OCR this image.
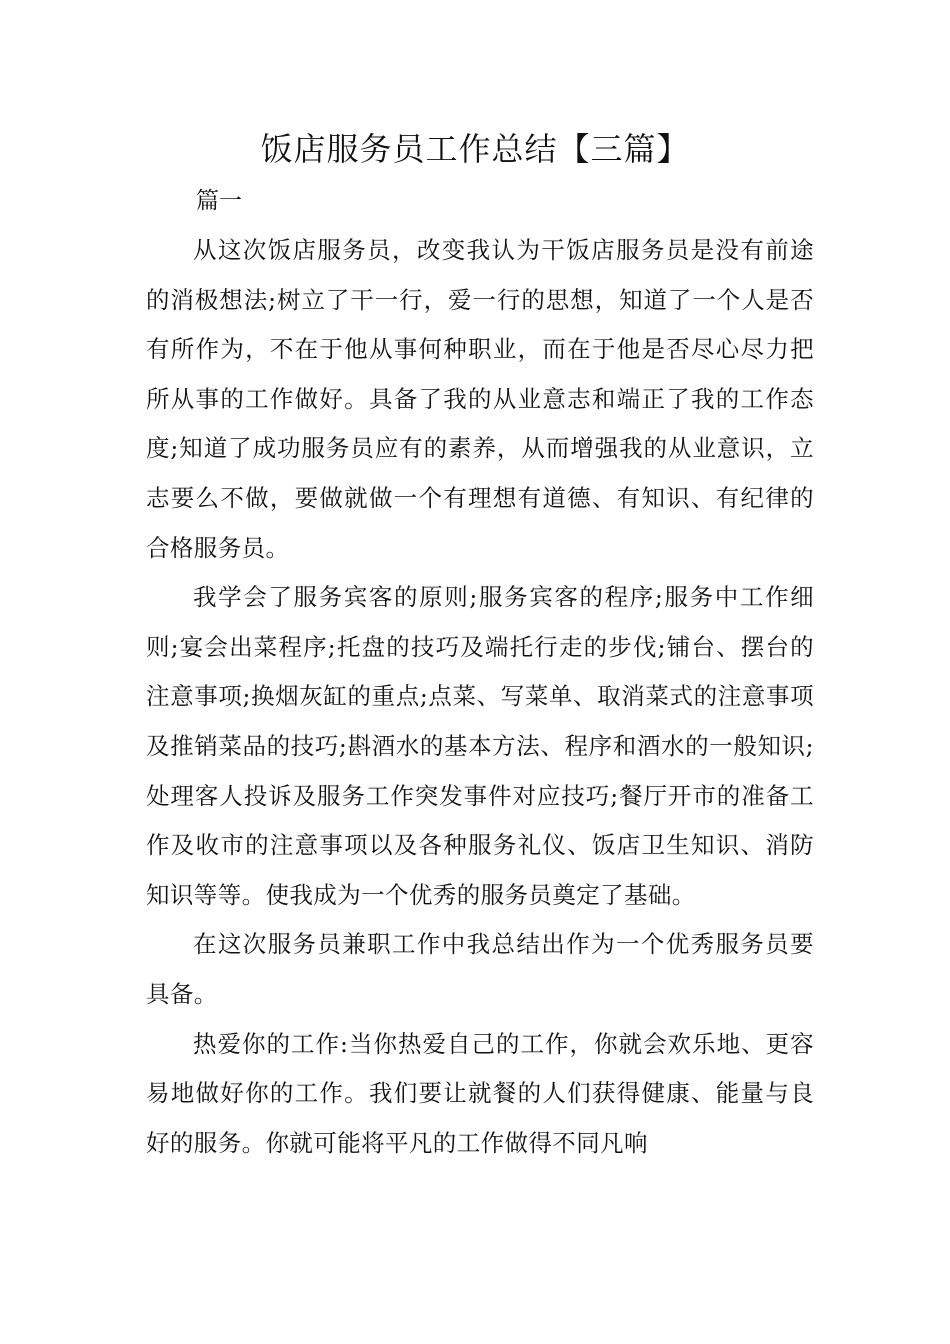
饭店服务员工作总结【三篇】
篇一

从这次饭店服务员，改变我认为干饭店服务员是没有前途的消极想法;树立了干一行，爱一行的思想，知道了一个人是否有所作为，不在于他从事何种职业，而在于他是否尽心尽力把所从事的工作做好。具备了我的从业意志和端正了我的工作态度;知道了成功服务员应有的素养，从而增强我的从业意识，立志要么不做，要做就做一个有理想有道德、有知识、有纪律的合格服务员。

我学会了服务宾客的原则;服务宾客的程序;服务中工作细则;宴会出菜程序;托盘的技巧及端托行走的步伐;铺台、摆台的注意事项;换烟灰缸的重点;点菜、写菜单、取消菜式的注意事项及推销菜品的技巧;斟酒水的基本方法、程序和酒水的一般知识;处理客人投诉及服务工作突发事件对应技巧;餐厅开市的准备工作及收市的注意事项以及各种服务礼仪、饭店卫生知识、消防知识等等。使我成为一个优秀的服务员奠定了基础。

在这次服务员兼职工作中我总结出作为一个优秀服务员要具备。

热爱你的工作:当你热爱自己的工作，你就会欢乐地、更容易地做好你的工作。我们要让就餐的人们获得健康、能量与良好的服务。你就可能将平凡的工作做得不同凡响
